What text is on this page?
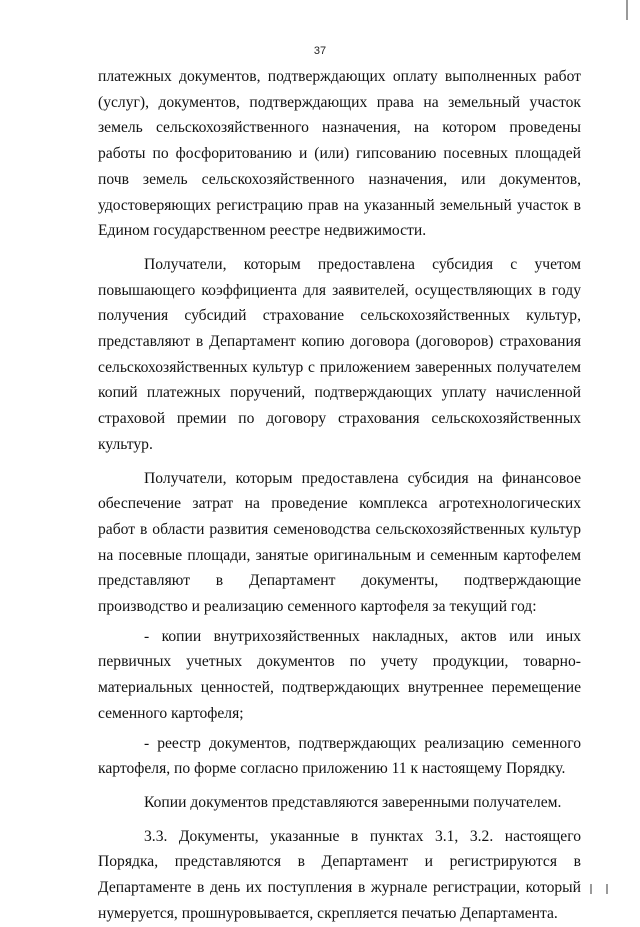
37

платежных документов, подтверждающих оплату выполненных работ (услуг), документов, подтверждающих права на земельный участок земель сельскохозяйственного назначения, на котором проведены работы по фосфоритованию и (или) гипсованию посевных площадей почв земель сельскохозяйственного назначения, или документов, удостоверяющих регистрацию прав на указанный земельный участок в Едином государственном реестре недвижимости.

Получатели, которым предоставлена субсидия с учетом повышающего коэффициента для заявителей, осуществляющих в году получения субсидий страхование сельскохозяйственных культур, представляют в Департамент копию договора (договоров) страхования сельскохозяйственных культур с приложением заверенных получателем копий платежных поручений, подтверждающих уплату начисленной страховой премии по договору страхования сельскохозяйственных культур.

Получатели, которым предоставлена субсидия на финансовое обеспечение затрат на проведение комплекса агротехнологических работ в области развития семеноводства сельскохозяйственных культур на посевные площади, занятые оригинальным и семенным картофелем представляют в Департамент документы, подтверждающие производство и реализацию семенного картофеля за текущий год:

- копии внутрихозяйственных накладных, актов или иных первичных учетных документов по учету продукции, товарно-материальных ценностей, подтверждающих внутреннее перемещение семенного картофеля;

- реестр документов, подтверждающих реализацию семенного картофеля, по форме согласно приложению 11 к настоящему Порядку.

Копии документов представляются заверенными получателем.

3.3. Документы, указанные в пунктах 3.1, 3.2. настоящего Порядка, представляются в Департамент и регистрируются в Департаменте в день их поступления в журнале регистрации, который нумеруется, прошнуровывается, скрепляется печатью Департамента.
